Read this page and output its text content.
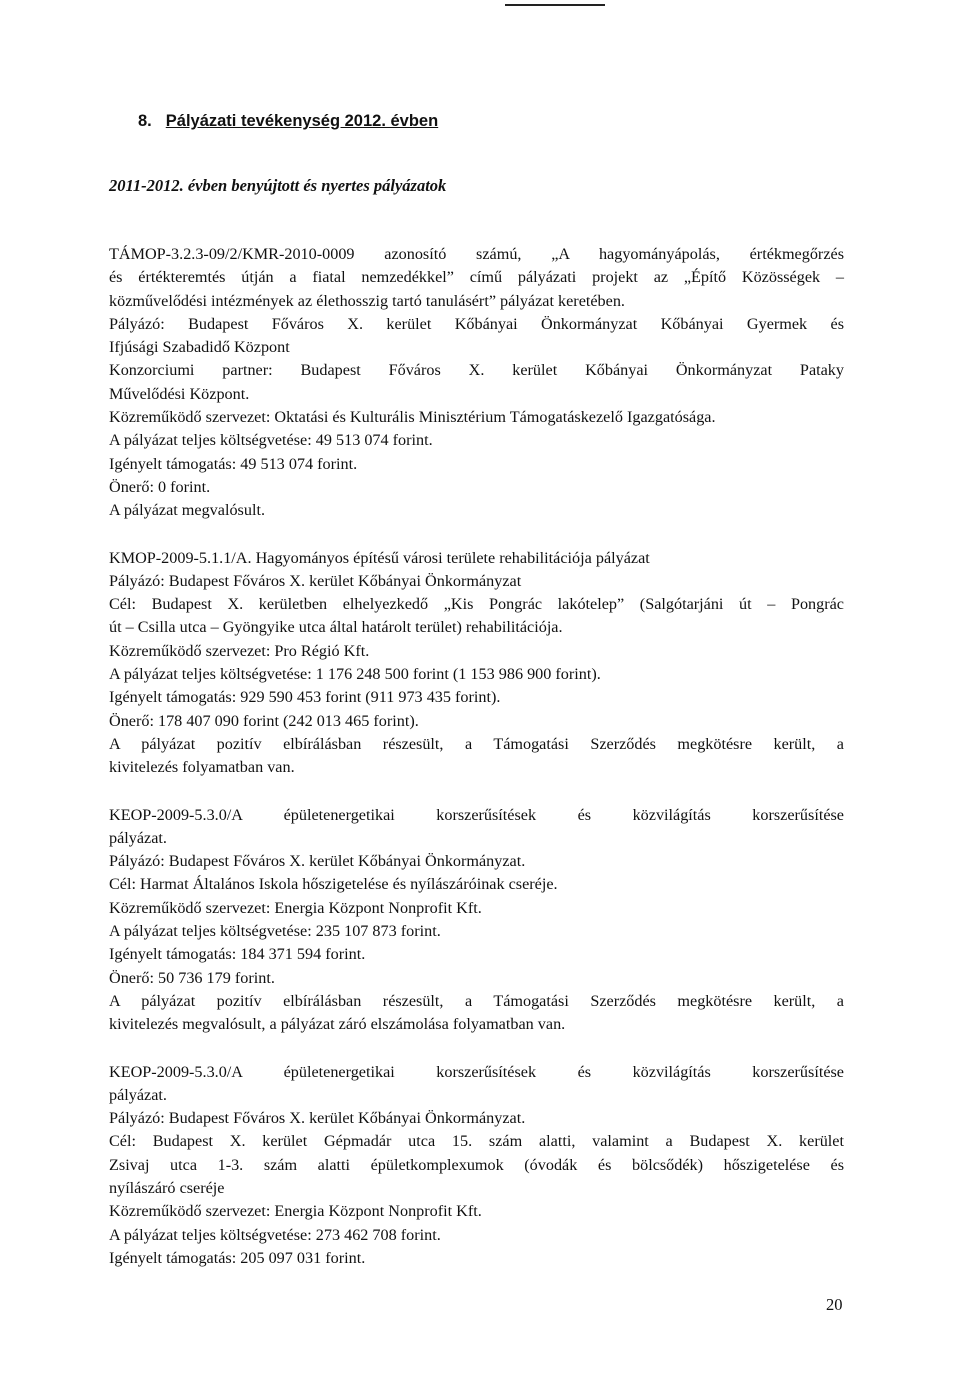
8. Pályázati tevékenység 2012. évben
2011-2012. évben benyújtott és nyertes pályázatok
TÁMOP-3.2.3-09/2/KMR-2010-0009 azonosító számú, „A hagyományápolás, értékmegőrzés
és értékteremtés útján a fiatal nemzedékkel” című pályázati projekt az „Építő Közösségek –
közművelődési intézmények az élethosszig tartó tanulásért” pályázat keretében.
Pályázó: Budapest Főváros X. kerület Kőbányai Önkormányzat Kőbányai Gyermek és
Ifjúsági Szabadidő Központ
Konzorciumi partner: Budapest Főváros X. kerület Kőbányai Önkormányzat Pataky
Művelődési Központ.
Közreműködő szervezet: Oktatási és Kulturális Minisztérium Támogatáskezelő Igazgatósága.
A pályázat teljes költségvetése: 49 513 074 forint.
Igényelt támogatás: 49 513 074 forint.
Önerő: 0 forint.
A pályázat megvalósult.
KMOP-2009-5.1.1/A. Hagyományos építésű városi területe rehabilitációja pályázat
Pályázó: Budapest Főváros X. kerület Kőbányai Önkormányzat
Cél: Budapest X. kerületben elhelyezkedő „Kis Pongrác lakótelep” (Salgótarjáni út – Pongrác
út – Csilla utca – Gyöngyike utca által határolt terület) rehabilitációja.
Közreműködő szervezet: Pro Régió Kft.
A pályázat teljes költségvetése: 1 176 248 500 forint (1 153 986 900 forint).
Igényelt támogatás: 929 590 453 forint (911 973 435 forint).
Önerő: 178 407 090 forint (242 013 465 forint).
A pályázat pozitív elbírálásban részesült, a Támogatási Szerződés megkötésre került, a
kivitelezés folyamatban van.
KEOP-2009-5.3.0/A épületenergetikai korszerűsítések és közvilágítás korszerűsítése
pályázat.
Pályázó: Budapest Főváros X. kerület Kőbányai Önkormányzat.
Cél: Harmat Általános Iskola hőszigetelése és nyílászáróinak cseréje.
Közreműködő szervezet: Energia Központ Nonprofit Kft.
A pályázat teljes költségvetése: 235 107 873 forint.
Igényelt támogatás: 184 371 594 forint.
Önerő: 50 736 179 forint.
A pályázat pozitív elbírálásban részesült, a Támogatási Szerződés megkötésre került, a
kivitelezés megvalósult, a pályázat záró elszámolása folyamatban van.
KEOP-2009-5.3.0/A épületenergetikai korszerűsítések és közvilágítás korszerűsítése
pályázat.
Pályázó: Budapest Főváros X. kerület Kőbányai Önkormányzat.
Cél: Budapest X. kerület Gépmadár utca 15. szám alatti, valamint a Budapest X. kerület
Zsivaj utca 1-3. szám alatti épületkomplexumok (óvodák és bölcsődék) hőszigetelése és
nyílászáró cseréje
Közreműködő szervezet: Energia Központ Nonprofit Kft.
A pályázat teljes költségvetése: 273 462 708 forint.
Igényelt támogatás: 205 097 031 forint.
20
